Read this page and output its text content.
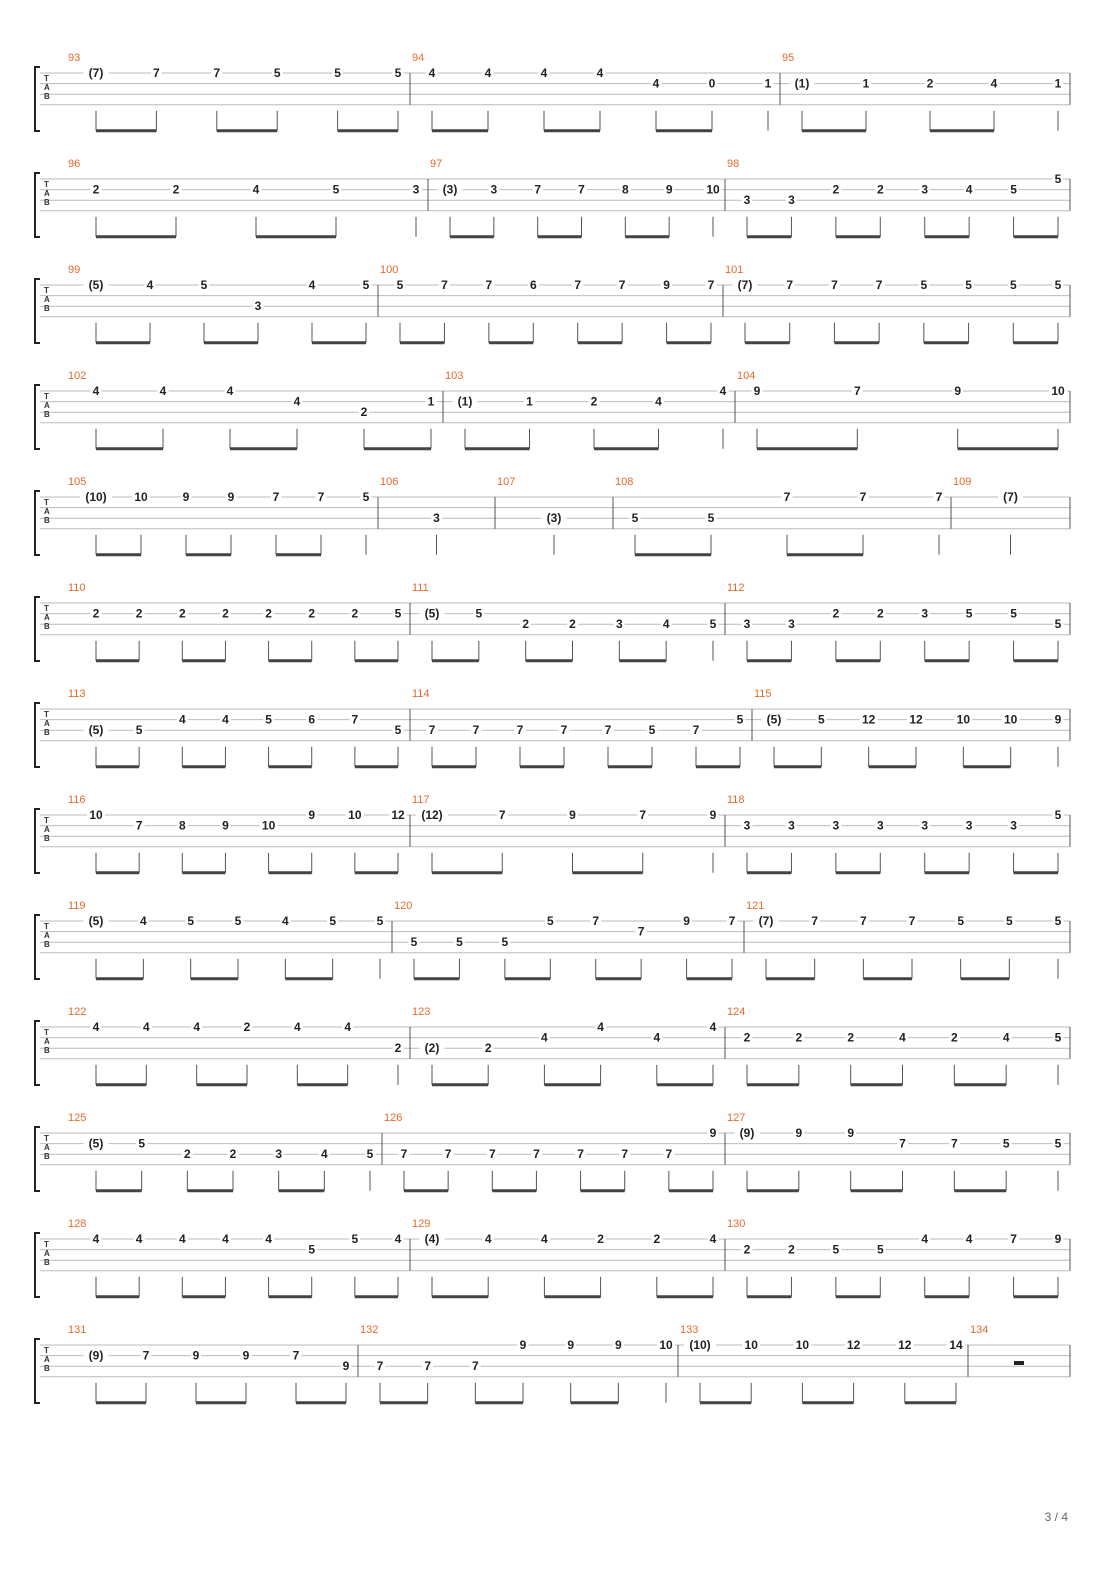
T
A
B
93
(7)	7	7	5	5	5
94
4	4	4	4
4	0	1
95
(1)	1	2	4	1
T
A
B
96
2	2	4	5	3
97
(3)	3	7	7	8	9	10
98
3	3
2	2	3	4	5
5
T
A
B
99
(5)	4	5
3
4	5
100
5	7	7	6	7	7	9	7
101
(7)	7	7	7	5	5	5	5
T
A
B
102
4	4	4
4
2
1
103
(1)	1	2	4
4
104
9	7	9	10
T
A
B
105
(10) 10	9	9	7	7	5
106
3
107
(3)
108
5	5
7	7	7
109
(7)
T
A
B
110
2	2	2	2	2	2	2	5
111
(5)	5
2	2	3	4	5
112
3	3
2	2	3	5	5
5
T
A
B
113
(5)	5
4	4	5	6	7
5
114
7	7	7	7	7	5	7
5
115
(5)	5	12	12	10	10	9
T
A
B
116
10
7	8	9	10
9	10 12
117
(12)	7	9	7	9
118
3	3	3	3	3	3	3
5
T
A
B
119
(5)	4	5	5	4	5	5
120
5	5	5
5	7
7
9	7
121
(7)	7	7	7	5	5	5
T
A
B
122
4	4	4	2	4	4
2
123
(2)	2
4
4
4
4
124
2	2	2	4	2	4	5
T
A
B
125
(5)	5
2	2	3	4	5
126
7	7	7	7	7	7	7
9
127
(9)	9	9
7	7	5	5
T
A
B
128
4	4	4	4	4
5
5	4
129
(4)	4	4	2	2	4
130
2	2	5	5
4	4	7	9
T
A
B
131
(9)	7	9	9	7
9
132
7	7	7
9	9	9	10
133
(10)	10	10	12	12	14
134
3 / 4
